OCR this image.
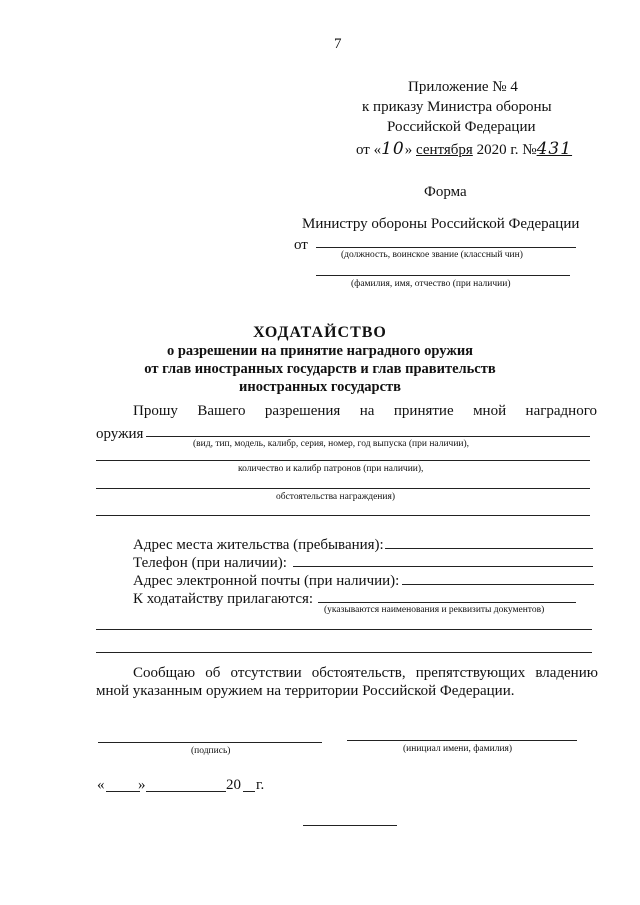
7
Приложение № 4
к приказу Министра обороны
Российской Федерации
от «10» сентября 2020 г. №431
Форма
Министру обороны Российской Федерации
от
(должность, воинское звание (классный чин)
(фамилия, имя, отчество (при наличии)
ХОДАТАЙСТВО
о разрешении на принятие наградного оружия
от глав иностранных государств и глав правительств
иностранных государств
Прошу Вашего разрешения на принятие мной наградного
оружия
(вид, тип, модель, калибр, серия, номер, год выпуска (при наличии),
количество и калибр патронов (при наличии),
обстоятельства награждения)
Адрес места жительства (пребывания):
Телефон (при наличии):
Адрес электронной почты (при наличии):
К ходатайству прилагаются:
(указываются наименования и реквизиты документов)
Сообщаю об отсутствии обстоятельств, препятствующих владению
мной указанным оружием на территории Российской Федерации.
(подпись)	(инициал имени, фамилия)
« »	20 г.
